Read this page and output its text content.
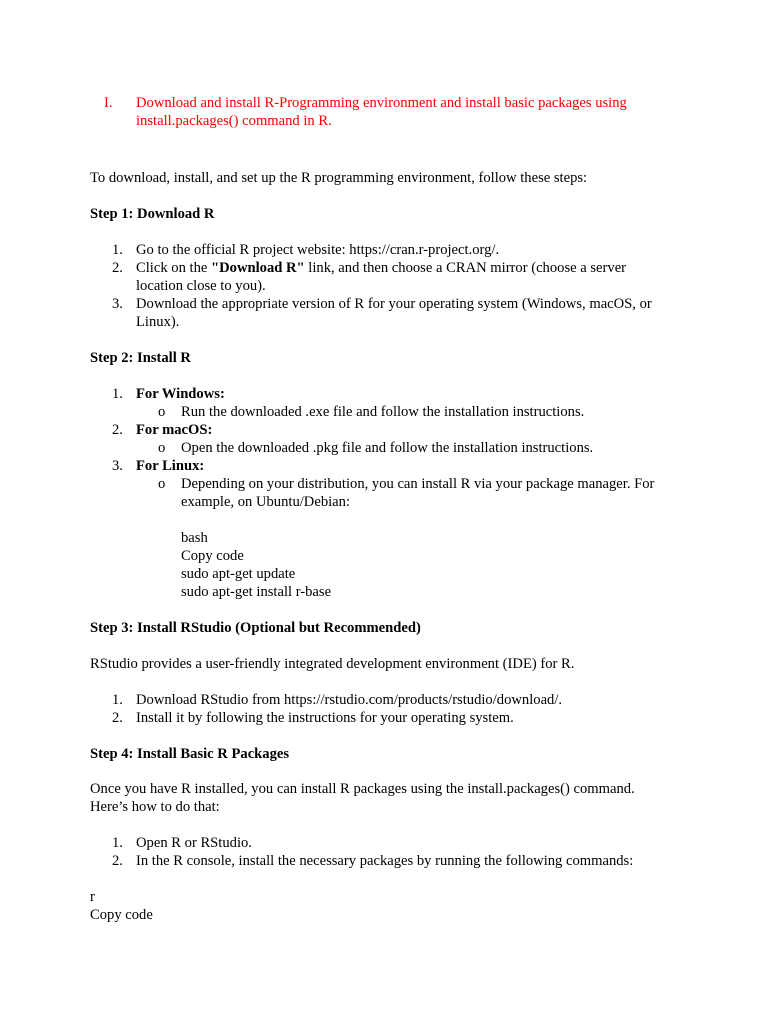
I. Download and install R-Programming environment and install basic packages using
install.packages() command in R.
To download, install, and set up the R programming environment, follow these steps:
Step 1: Download R
1. Go to the official R project website: https://cran.r-project.org/.
2. Click on the "Download R" link, and then choose a CRAN mirror (choose a server
location close to you).
3. Download the appropriate version of R for your operating system (Windows, macOS, or
Linux).
Step 2: Install R
1. For Windows:
o Run the downloaded .exe file and follow the installation instructions.
2. For macOS:
o Open the downloaded .pkg file and follow the installation instructions.
3. For Linux:
o Depending on your distribution, you can install R via your package manager. For
example, on Ubuntu/Debian:
bash
Copy code
sudo apt-get update
sudo apt-get install r-base
Step 3: Install RStudio (Optional but Recommended)
RStudio provides a user-friendly integrated development environment (IDE) for R.
1. Download RStudio from https://rstudio.com/products/rstudio/download/.
2. Install it by following the instructions for your operating system.
Step 4: Install Basic R Packages
Once you have R installed, you can install R packages using the install.packages() command.
Here’s how to do that:
1. Open R or RStudio.
2. In the R console, install the necessary packages by running the following commands:
r
Copy code
